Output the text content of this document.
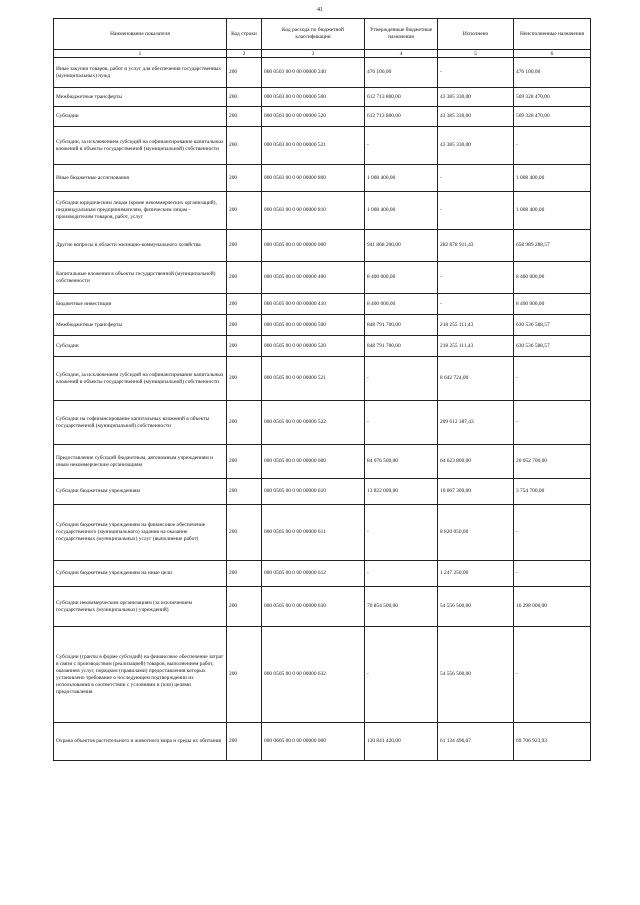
41
Наименование показателя	Код строки	Код расхода по бюджетной классификации	Утвержденные бюджетные назначения	Исполнено	Неисполненные назначения
1	2	3	4	5	6
Иные закупки товаров, работ и услуг для обеспечения государственных (муниципальных) нужд	200	000 0503 00 0 00 00000 240	476 100,00	-	476 100,00
Межбюджетные трансферты	200	000 0503 00 0 00 00000 500	612 713 800,00	43 385 330,00	569 328 470,00
Субсидии	200	000 0503 00 0 00 00000 520	612 713 800,00	43 385 330,00	569 328 470,00
Субсидии, за исключением субсидий на софинансирование капитальных вложений в объекты государственной (муниципальной) собственности	200	000 0503 00 0 00 00000 521	-	43 385 330,00	-
Иные бюджетные ассигнования	200	000 0503 00 0 00 00000 800	1 008 400,00	-	1 008 400,00
Субсидии юридическим лицам (кроме некоммерческих организаций), индивидуальным предпринимателям, физическим лицам - производителям товаров, работ, услуг	200	000 0503 00 0 00 00000 810	1 008 400,00	-	1 008 400,00
Другие вопросы в области жилищно-коммунального хозяйства	200	000 0505 00 0 00 00000 000	941 868 200,00	282 878 911,43	658 989 288,57
Капитальные вложения в объекты государственной (муниципальной) собственности	200	000 0505 00 0 00 00000 400	8 400 000,00	-	8 400 000,00
Бюджетные инвестиции	200	000 0505 00 0 00 00000 410	8 400 000,00	-	8 400 000,00
Межбюджетные трансферты	200	000 0505 00 0 00 00000 500	848 791 700,00	218 255 111,43	630 536 588,57
Субсидии	200	000 0505 00 0 00 00000 520	848 791 700,00	218 255 111,43	630 536 588,57
Субсидии, за исключением субсидий на софинансирование капитальных вложений в объекты государственной (муниципальной) собственности	200	000 0505 00 0 00 00000 521	-	8 642 724,00	-
Субсидии на софинансирование капитальных вложений в объекты государственной (муниципальной) собственности	200	000 0505 00 0 00 00000 522	-	209 612 387,43	-
Предоставление субсидий бюджетным, автономным учреждениям и иным некоммерческим организациям	200	000 0505 00 0 00 00000 600	84 676 500,00	64 623 800,00	20 052 700,00
Субсидии бюджетным учреждениям	200	000 0505 00 0 00 00000 610	13 822 000,00	10 067 300,00	3 754 700,00
Субсидии бюджетным учреждениям на финансовое обеспечение государственного (муниципального) задания на оказание государственных (муниципальных) услуг (выполнение работ)	200	000 0505 00 0 00 00000 611	-	8 820 050,00	-
Субсидии бюджетным учреждениям на иные цели	200	000 0505 00 0 00 00000 612	-	1 247 250,00	-
Субсидии некоммерческим организациям (за исключением государственных (муниципальных) учреждений)	200	000 0505 00 0 00 00000 630	70 854 500,00	54 556 500,00	16 298 000,00
Субсидии (гранты в форме субсидий) на финансовое обеспечение затрат в связи с производством (реализацией) товаров, выполнением работ, оказанием услуг, порядком (правилами) предоставления которых установлено требование о последующем подтверждении их использования в соответствии с условиями и (или) целями предоставления	200	000 0505 00 0 00 00000 632	-	54 556 500,00	-
Охрана объектов растительного и животного мира и среды их обитания	200	000 0605 00 0 00 00000 000	130 841 420,00	61 134 496,07	69 706 923,93
